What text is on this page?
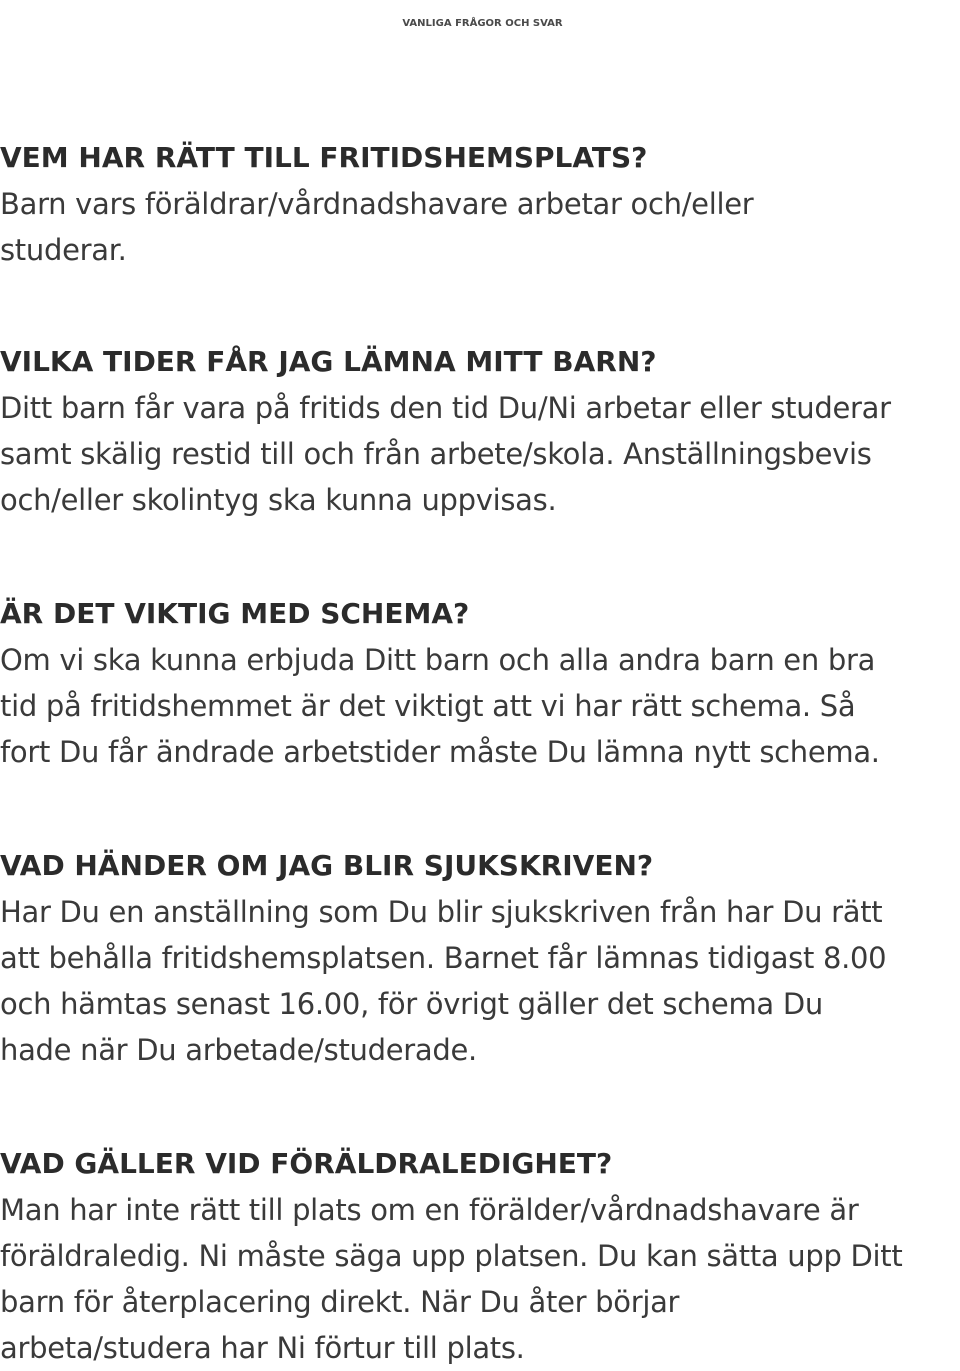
VANLIGA FRÅGOR OCH SVAR
VEM HAR RÄTT TILL FRITIDSHEMSPLATS?

Barn vars föräldrar/vårdnadshavare arbetar och/eller
studerar.

VILKA TIDER FÅR JAG LÄMNA MITT BARN?

Ditt barn får vara på fritids den tid Du/Ni arbetar eller studerar
samt skälig restid till och från arbete/skola. Anställningsbevis
och/eller skolintyg ska kunna uppvisas.

ÄR DET VIKTIG MED SCHEMA?

Om vi ska kunna erbjuda Ditt barn och alla andra barn en bra
tid på fritidshemmet är det viktigt att vi har rätt schema. Så
fort Du får ändrade arbetstider måste Du lämna nytt schema.

VAD HÄNDER OM JAG BLIR SJUKSKRIVEN?

Har Du en anställning som Du blir sjukskriven från har Du rätt
att behålla fritidshemsplatsen. Barnet får lämnas tidigast 8.00
och hämtas senast 16.00, för övrigt gäller det schema Du
hade när Du arbetade/studerade.

VAD GÄLLER VID FÖRÄLDRALEDIGHET?

Man har inte rätt till plats om en förälder/vårdnadshavare är
föräldraledig. Ni måste säga upp platsen. Du kan sätta upp Ditt
barn för återplacering direkt. När Du åter börjar
arbeta/studera har Ni förtur till plats.
